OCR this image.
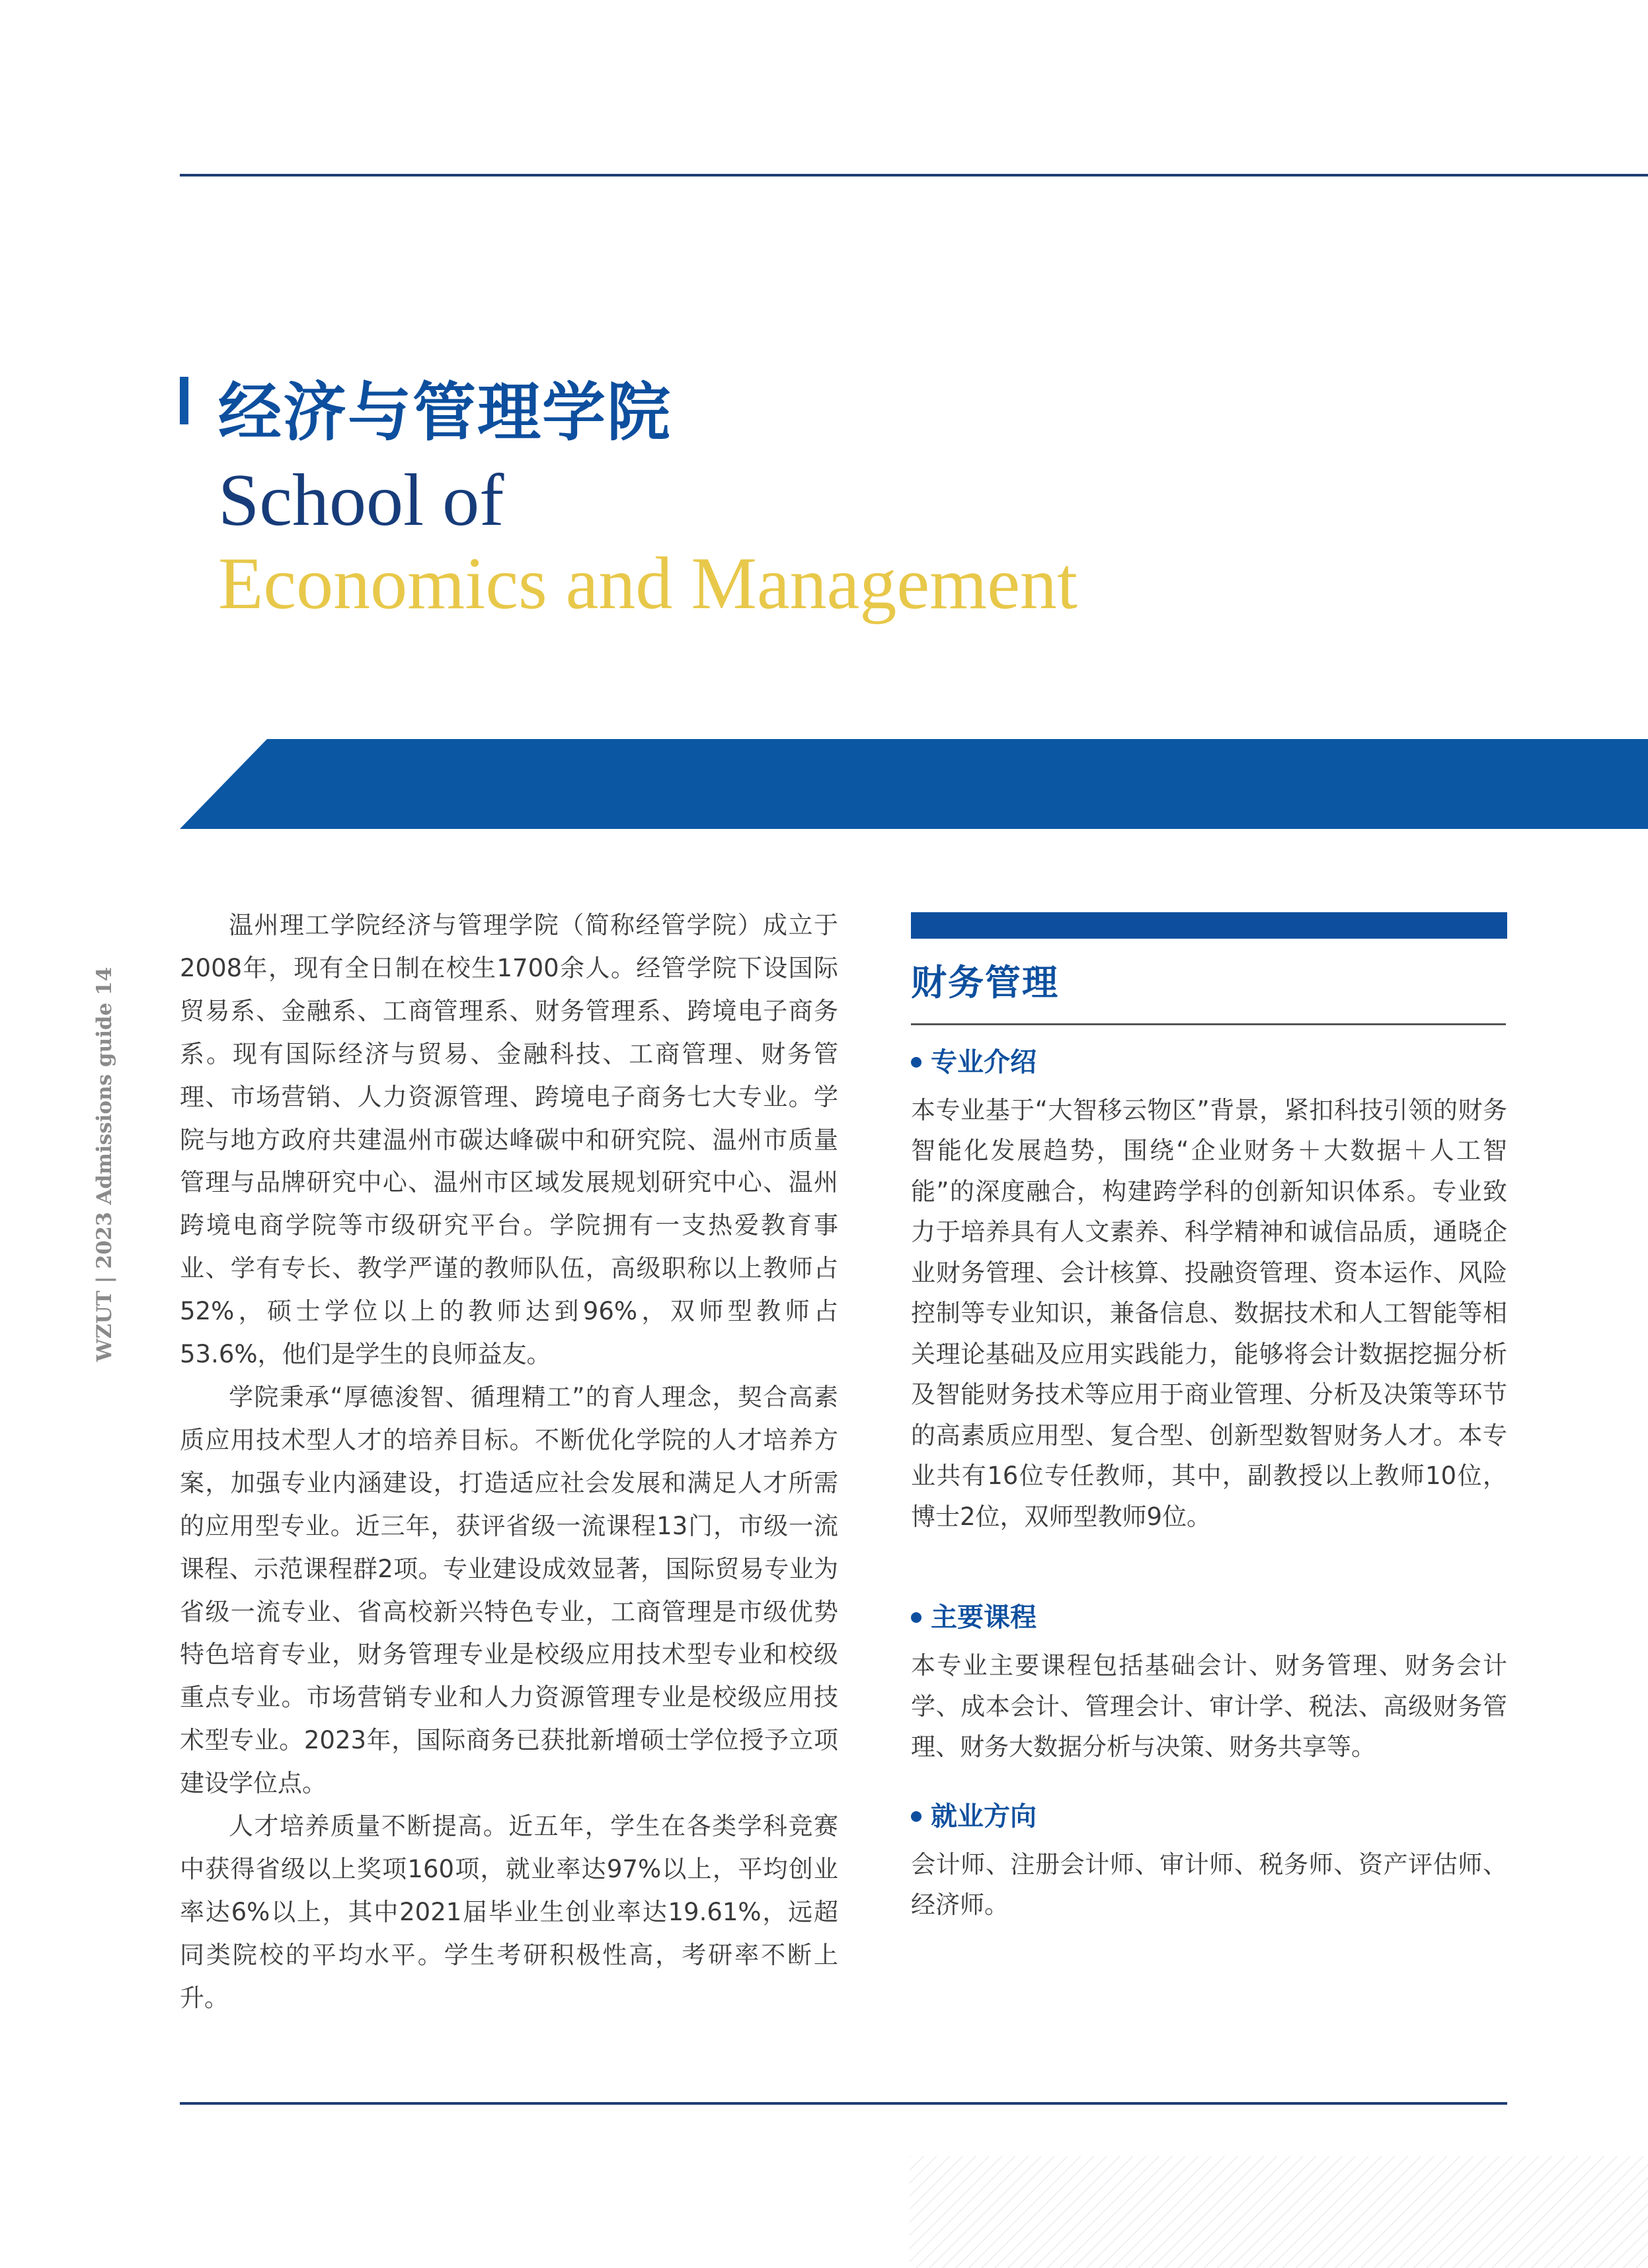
经济与管理学院
School of
Economics and Management
WZUT | 2023 Admissions guide 14

温州理工学院经济与管理学院（简称经管学院）成立于2008年，现有全日制在校生1700余人。经管学院下设国际贸易系、金融系、工商管理系、财务管理系、跨境电子商务系。现有国际经济与贸易、金融科技、工商管理、财务管理、市场营销、人力资源管理、跨境电子商务七大专业。学院与地方政府共建温州市碳达峰碳中和研究院、温州市质量管理与品牌研究中心、温州市区域发展规划研究中心、温州跨境电商学院等市级研究平台。学院拥有一支热爱教育事业、学有专长、教学严谨的教师队伍，高级职称以上教师占52%，硕士学位以上的教师达到96%，双师型教师占53.6%，他们是学生的良师益友。

学院秉承“厚德浚智、循理精工”的育人理念，契合高素质应用技术型人才的培养目标。不断优化学院的人才培养方案，加强专业内涵建设，打造适应社会发展和满足人才所需的应用型专业。近三年，获评省级一流课程13门，市级一流课程、示范课程群2项。专业建设成效显著，国际贸易专业为省级一流专业、省高校新兴特色专业，工商管理是市级优势特色培育专业，财务管理专业是校级应用技术型专业和校级重点专业。市场营销专业和人力资源管理专业是校级应用技术型专业。2023年，国际商务已获批新增硕士学位授予立项建设学位点。

人才培养质量不断提高。近五年，学生在各类学科竞赛中获得省级以上奖项160项，就业率达97%以上，平均创业率达6%以上，其中2021届毕业生创业率达19.61%，远超同类院校的平均水平。学生考研积极性高，考研率不断上升。

财务管理
专业介绍

本专业基于“大智移云物区”背景，紧扣科技引领的财务智能化发展趋势，围绕“企业财务＋大数据＋人工智能”的深度融合，构建跨学科的创新知识体系。专业致力于培养具有人文素养、科学精神和诚信品质，通晓企业财务管理、会计核算、投融资管理、资本运作、风险控制等专业知识，兼备信息、数据技术和人工智能等相关理论基础及应用实践能力，能够将会计数据挖掘分析及智能财务技术等应用于商业管理、分析及决策等环节的高素质应用型、复合型、创新型数智财务人才。本专业共有16位专任教师，其中，副教授以上教师10位，博士2位，双师型教师9位。

主要课程

本专业主要课程包括基础会计、财务管理、财务会计学、成本会计、管理会计、审计学、税法、高级财务管理、财务大数据分析与决策、财务共享等。

就业方向

会计师、注册会计师、审计师、税务师、资产评估师、经济师。
